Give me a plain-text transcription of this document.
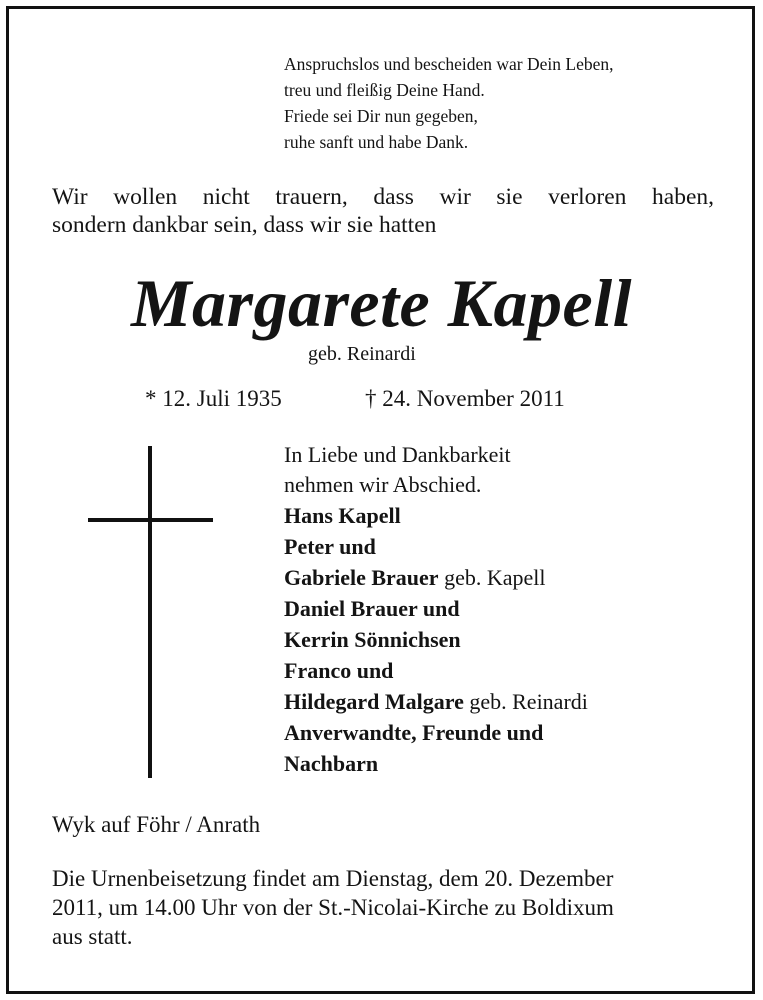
Anspruchslos und bescheiden war Dein Leben,
treu und fleißig Deine Hand.
Friede sei Dir nun gegeben,
ruhe sanft und habe Dank.
Wir wollen nicht trauern, dass wir sie verloren haben,
sondern dankbar sein, dass wir sie hatten
Margarete Kapell
geb. Reinardi
* 12. Juli 1935	† 24. November 2011
In Liebe und Dankbarkeit
nehmen wir Abschied.
Hans Kapell
Peter und
Gabriele Brauer geb. Kapell
Daniel Brauer und
Kerrin Sönnichsen
Franco und
Hildegard Malgare geb. Reinardi
Anverwandte, Freunde und
Nachbarn
Wyk auf Föhr / Anrath
Die Urnenbeisetzung findet am Dienstag, dem 20. Dezember
2011, um 14.00 Uhr von der St.-Nicolai-Kirche zu Boldixum
aus statt.
